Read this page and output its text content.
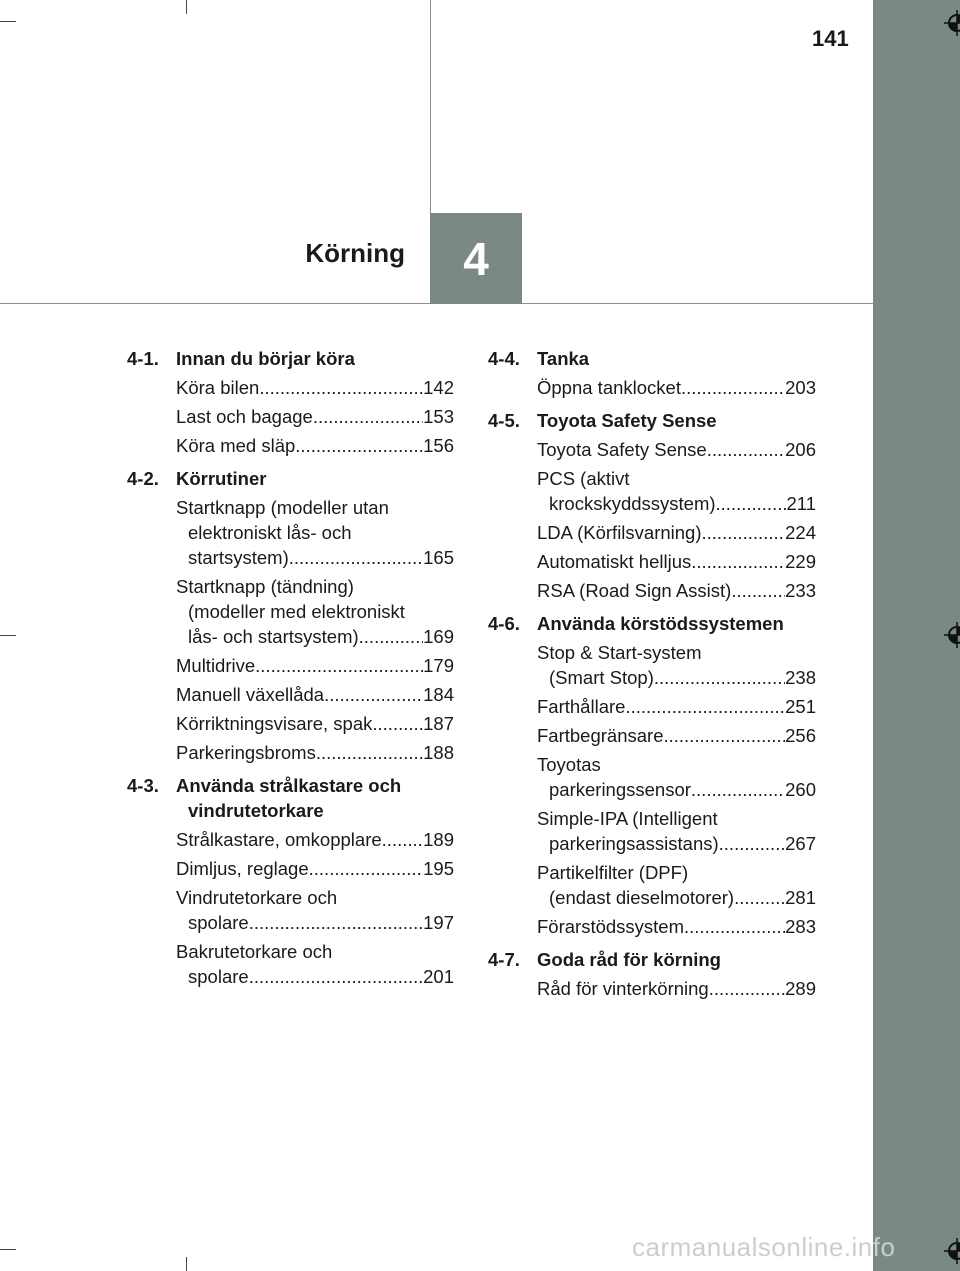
141
Körning 4
4-1. Innan du börjar köra
Köra bilen .....	142
Last och bagage .....	153
Köra med släp .....	156
4-2. Körrutiner
Startknapp (modeller utan
elektroniskt lås- och
startsystem) .....	165
Startknapp (tändning)
(modeller med elektroniskt
lås- och startsystem) .....	169
Multidrive .....	179
Manuell växellåda .....	184
Körriktningsvisare, spak .....	187
Parkeringsbroms .....	188
4-3. Använda strålkastare och
vindrutetorkare
Strålkastare, omkopplare ..... 189
Dimljus, reglage .....	195
Vindrutetorkare och
spolare .....	197
Bakrutetorkare och
spolare .....	201
4-4. Tanka
Öppna tanklocket .....	203
4-5. Toyota Safety Sense
Toyota Safety Sense .....	206
PCS (aktivt
krockskyddssystem) .....	211
LDA (Körfilsvarning) .....	224
Automatiskt helljus .....	229
RSA (Road Sign Assist) .....	233
4-6. Använda körstödssystemen
Stop & Start-system
(Smart Stop) .....	238
Farthållare .....	251
Fartbegränsare .....	256
Toyotas
parkeringssensor .....	260
Simple-IPA (Intelligent
parkeringsassistans) .....	267
Partikelfilter (DPF)
(endast dieselmotorer) .....	281
Förarstödssystem .....	283
4-7. Goda råd för körning
Råd för vinterkörning .....	289
carmanualsonline.info
